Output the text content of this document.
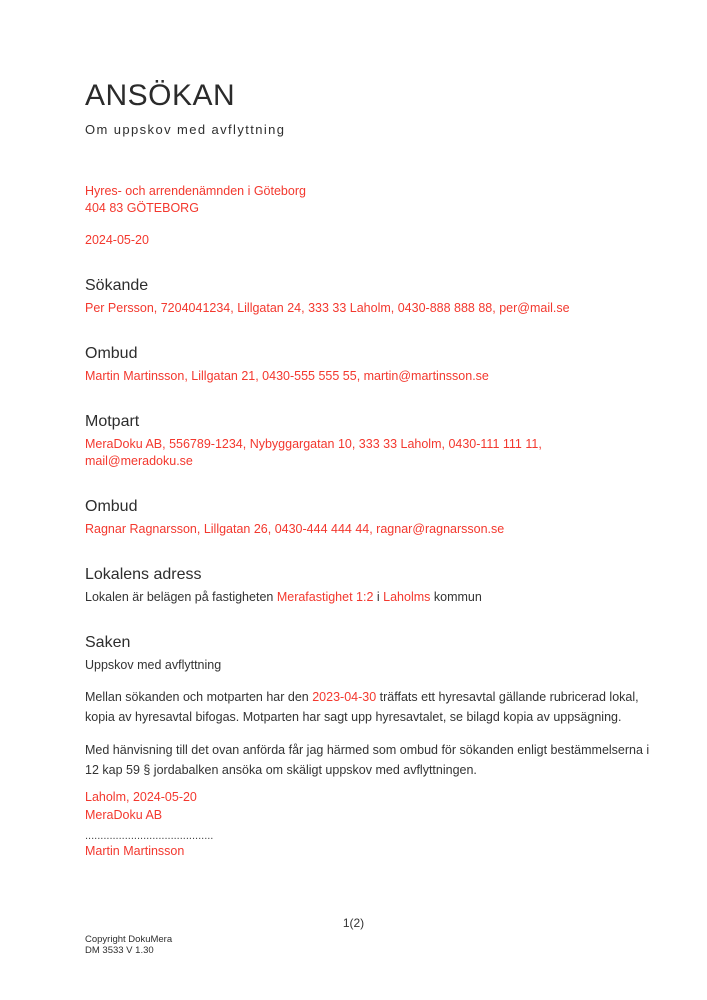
ANSÖKAN
Om uppskov med avflyttning
Hyres- och arrendenämnden i Göteborg
404 83 GÖTEBORG
2024-05-20
Sökande
Per Persson, 7204041234, Lillgatan 24, 333 33 Laholm, 0430-888 888 88, per@mail.se
Ombud
Martin Martinsson, Lillgatan 21, 0430-555 555 55, martin@martinsson.se
Motpart
MeraDoku AB, 556789-1234, Nybyggargatan 10, 333 33 Laholm, 0430-111 111 11,
mail@meradoku.se
Ombud
Ragnar Ragnarsson, Lillgatan 26, 0430-444 444 44, ragnar@ragnarsson.se
Lokalens adress
Lokalen är belägen på fastigheten Merafastighet 1:2 i Laholms kommun
Saken
Uppskov med avflyttning

Mellan sökanden och motparten har den 2023-04-30 träffats ett hyresavtal gällande rubricerad lokal, kopia av hyresavtal bifogas. Motparten har sagt upp hyresavtalet, se bilagd kopia av uppsägning.

Med hänvisning till det ovan anförda får jag härmed som ombud för sökanden enligt bestämmelserna i 12 kap 59 § jordabalken ansöka om skäligt uppskov med avflyttningen.

Laholm, 2024-05-20
MeraDoku AB
..........................................
Martin Martinsson
1(2)
Copyright DokuMera
DM 3533 V 1.30
